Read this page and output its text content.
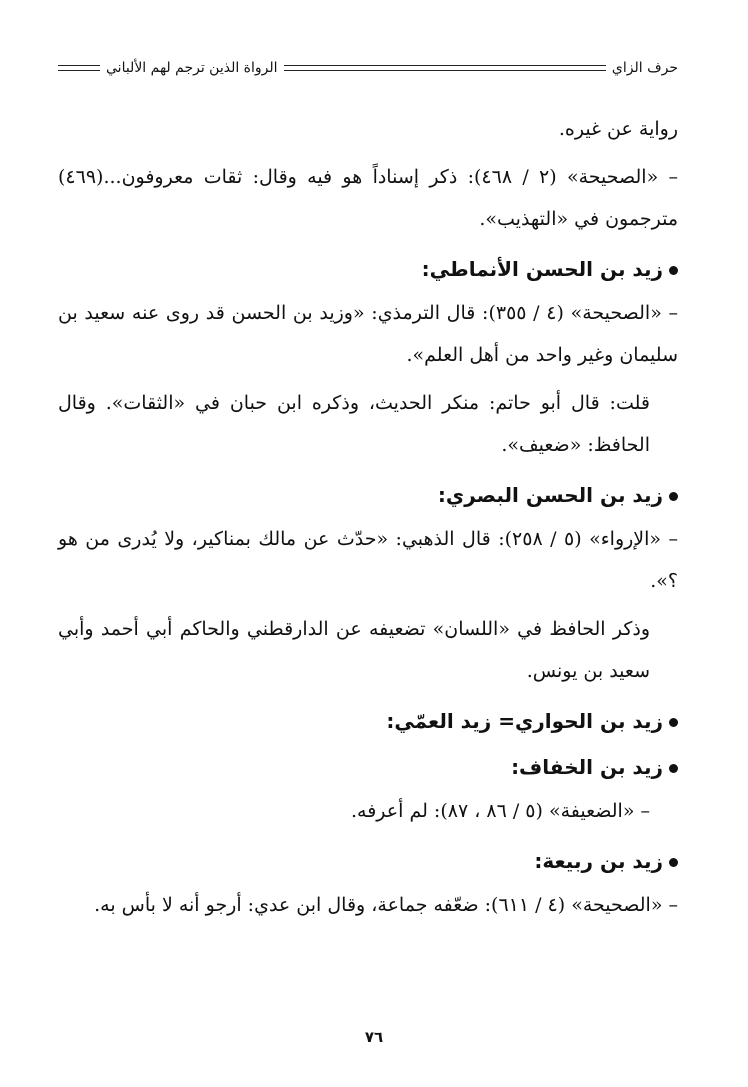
حرف الزاي
الرواة الذين ترجم لهم الألباني

رواية عن غيره.

– «الصحيحة» (٢ / ٤٦٨): ذكر إسناداً هو فيه وقال: ثقات معروفون...(٤٦٩) مترجمون في «التهذيب».

زيد بن الحسن الأنماطي:

– «الصحيحة» (٤ / ٣٥٥): قال الترمذي: «وزيد بن الحسن قد روى عنه سعيد بن سليمان وغير واحد من أهل العلم».

قلت: قال أبو حاتم: منكر الحديث، وذكره ابن حبان في «الثقات». وقال الحافظ: «ضعيف».

زيد بن الحسن البصري:

– «الإرواء» (٥ / ٢٥٨): قال الذهبي: «حدّث عن مالك بمناكير، ولا يُدرى من هو ؟».

وذكر الحافظ في «اللسان» تضعيفه عن الدارقطني والحاكم أبي أحمد وأبي سعيد بن يونس.

زيد بن الحواري= زيد العمّي:

زيد بن الخفاف:

– «الضعيفة» (٥ / ٨٦ ، ٨٧): لم أعرفه.

زيد بن ربيعة:

– «الصحيحة» (٤ / ٦١١): ضعّفه جماعة، وقال ابن عدي: أرجو أنه لا بأس به.

٧٦
